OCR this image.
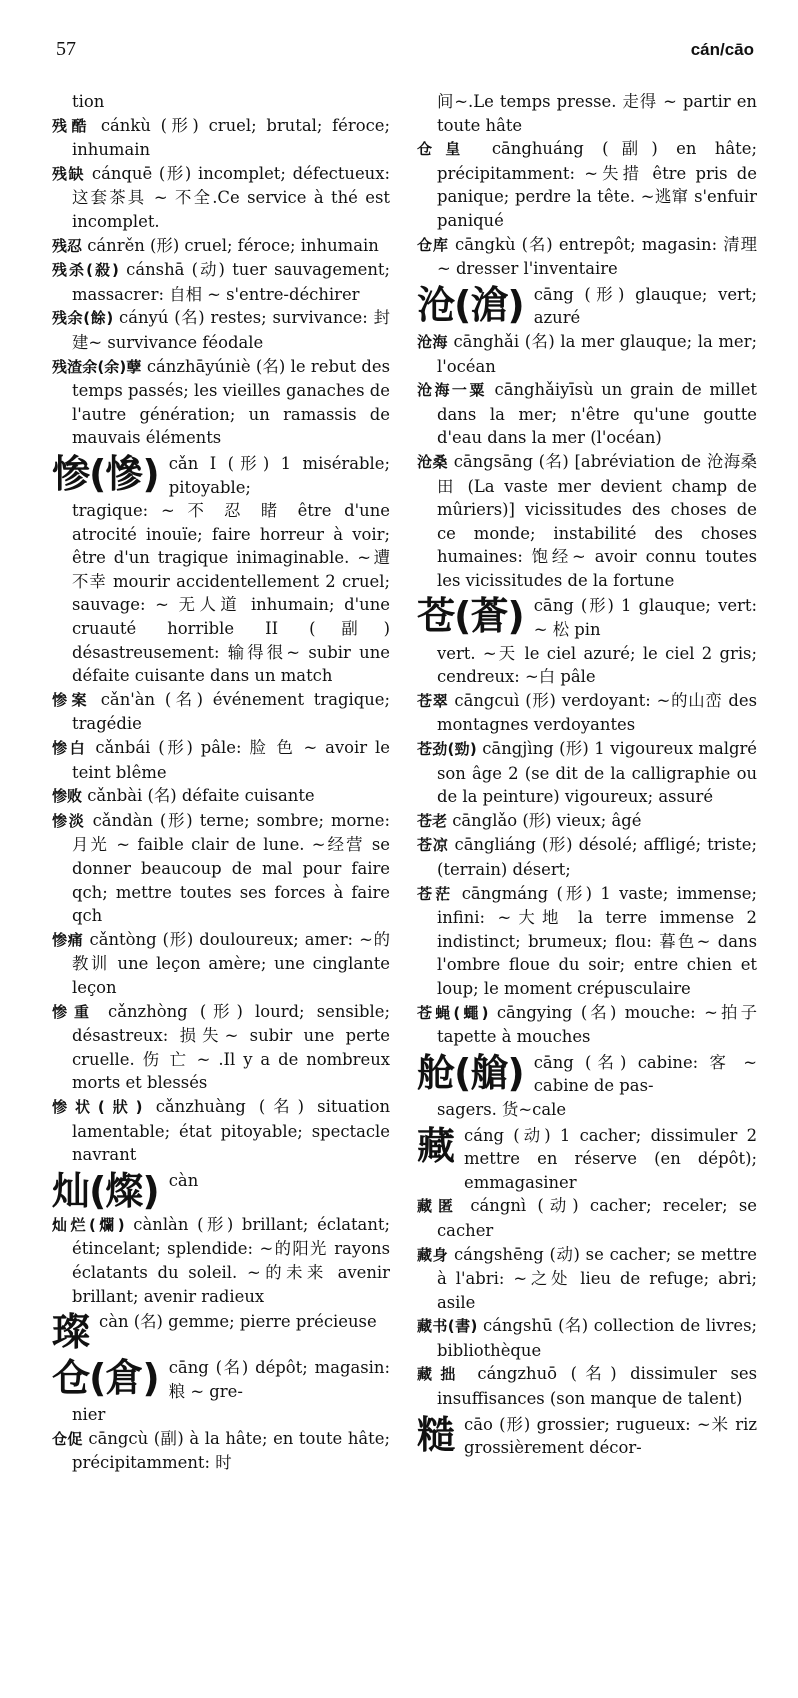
57	cán/cāo

tion

残酷 cánkù (形) cruel; brutal; féroce; inhumain

残缺 cánquē (形) incomplet; défectueux: 这套茶具 ~ 不全.Ce service à thé est incomplet.

残忍 cánrěn (形) cruel; féroce; inhumain

残杀(殺) cánshā (动) tuer sauvagement; massacrer: 自相 ~ s'entre-déchirer

残余(餘) cányú (名) restes; survivance: 封建~ survivance féodale

残渣余(余)孽 cánzhāyúniè (名) le rebut des temps passés; les vieilles ganaches de l'autre génération; un ramassis de mauvais éléments

惨(慘) cǎn I (形) 1 misérable; pitoyable;

tragique: ~ 不 忍 睹 être d'une atrocité inouïe; faire horreur à voir; être d'un tragique inimaginable. ~遭不幸 mourir accidentellement 2 cruel; sauvage: ~ 无人道 inhumain; d'une cruauté horrible II (副) désastreusement: 输得很~ subir une défaite cuisante dans un match

惨案 cǎn'àn (名) événement tragique; tragédie

惨白 cǎnbái (形) pâle: 脸 色 ~ avoir le teint blême

惨败 cǎnbài (名) défaite cuisante

惨淡 cǎndàn (形) terne; sombre; morne: 月光 ~ faible clair de lune. ~经营 se donner beaucoup de mal pour faire qch; mettre toutes ses forces à faire qch

惨痛 cǎntòng (形) douloureux; amer: ~的教训 une leçon amère; une cinglante leçon

惨重 cǎnzhòng (形) lourd; sensible; désastreux: 损失~ subir une perte cruelle. 伤 亡 ~ .Il y a de nombreux morts et blessés

惨状(狀) cǎnzhuàng (名) situation lamentable; état pitoyable; spectacle navrant

灿(燦) càn

灿烂(爛) cànlàn (形) brillant; éclatant; étincelant; splendide: ~的阳光 rayons éclatants du soleil. ~的未来 avenir brillant; avenir radieux

璨 càn (名) gemme; pierre précieuse
仓(倉) cāng (名) dépôt; magasin: 粮 ~ gre-

nier

仓促 cāngcù (副) à la hâte; en toute hâte; précipitamment: 时

间~.Le temps presse. 走得 ~ partir en toute hâte

仓皇 cānghuáng (副) en hâte; précipitamment: ~失措 être pris de panique; perdre la tête. ~逃窜 s'enfuir paniqué

仓库 cāngkù (名) entrepôt; magasin: 清理 ~ dresser l'inventaire

沧(滄) cāng (形) glauque; vert; azuré

沧海 cānghǎi (名) la mer glauque; la mer; l'océan

沧海一粟 cānghǎiyīsù un grain de millet dans la mer; n'être qu'une goutte d'eau dans la mer (l'océan)

沧桑 cāngsāng (名) [abréviation de 沧海桑田 (La vaste mer devient champ de mûriers)] vicissitudes des choses de ce monde; instabilité des choses humaines: 饱经~ avoir connu toutes les vicissitudes de la fortune

苍(蒼) cāng (形) 1 glauque; vert: ~ 松 pin

vert. ~天 le ciel azuré; le ciel 2 gris; cendreux: ~白 pâle

苍翠 cāngcuì (形) verdoyant: ~的山峦 des montagnes verdoyantes

苍劲(勁) cāngjìng (形) 1 vigoureux malgré son âge 2 (se dit de la calligraphie ou de la peinture) vigoureux; assuré

苍老 cānglǎo (形) vieux; âgé

苍凉 cāngliáng (形) désolé; affligé; triste; (terrain) désert;

苍茫 cāngmáng (形) 1 vaste; immense; infini: ~大地 la terre immense 2 indistinct; brumeux; flou: 暮色~ dans l'ombre floue du soir; entre chien et loup; le moment crépusculaire

苍蝇(蠅) cāngying (名) mouche: ~拍子 tapette à mouches

舱(艙) cāng (名) cabine: 客 ~ cabine de pas-

sagers. 货~cale

藏 cáng (动) 1 cacher; dissimuler 2 mettre en réserve (en dépôt); emmagasiner

藏匿 cángnì (动) cacher; receler; se cacher

藏身 cángshēng (动) se cacher; se mettre à l'abri: ~之处 lieu de refuge; abri; asile

藏书(書) cángshū (名) collection de livres; bibliothèque

藏拙 cángzhuō (名) dissimuler ses insuffisances (son manque de talent)

糙 cāo (形) grossier; rugueux: ~米 riz grossièrement décor-
